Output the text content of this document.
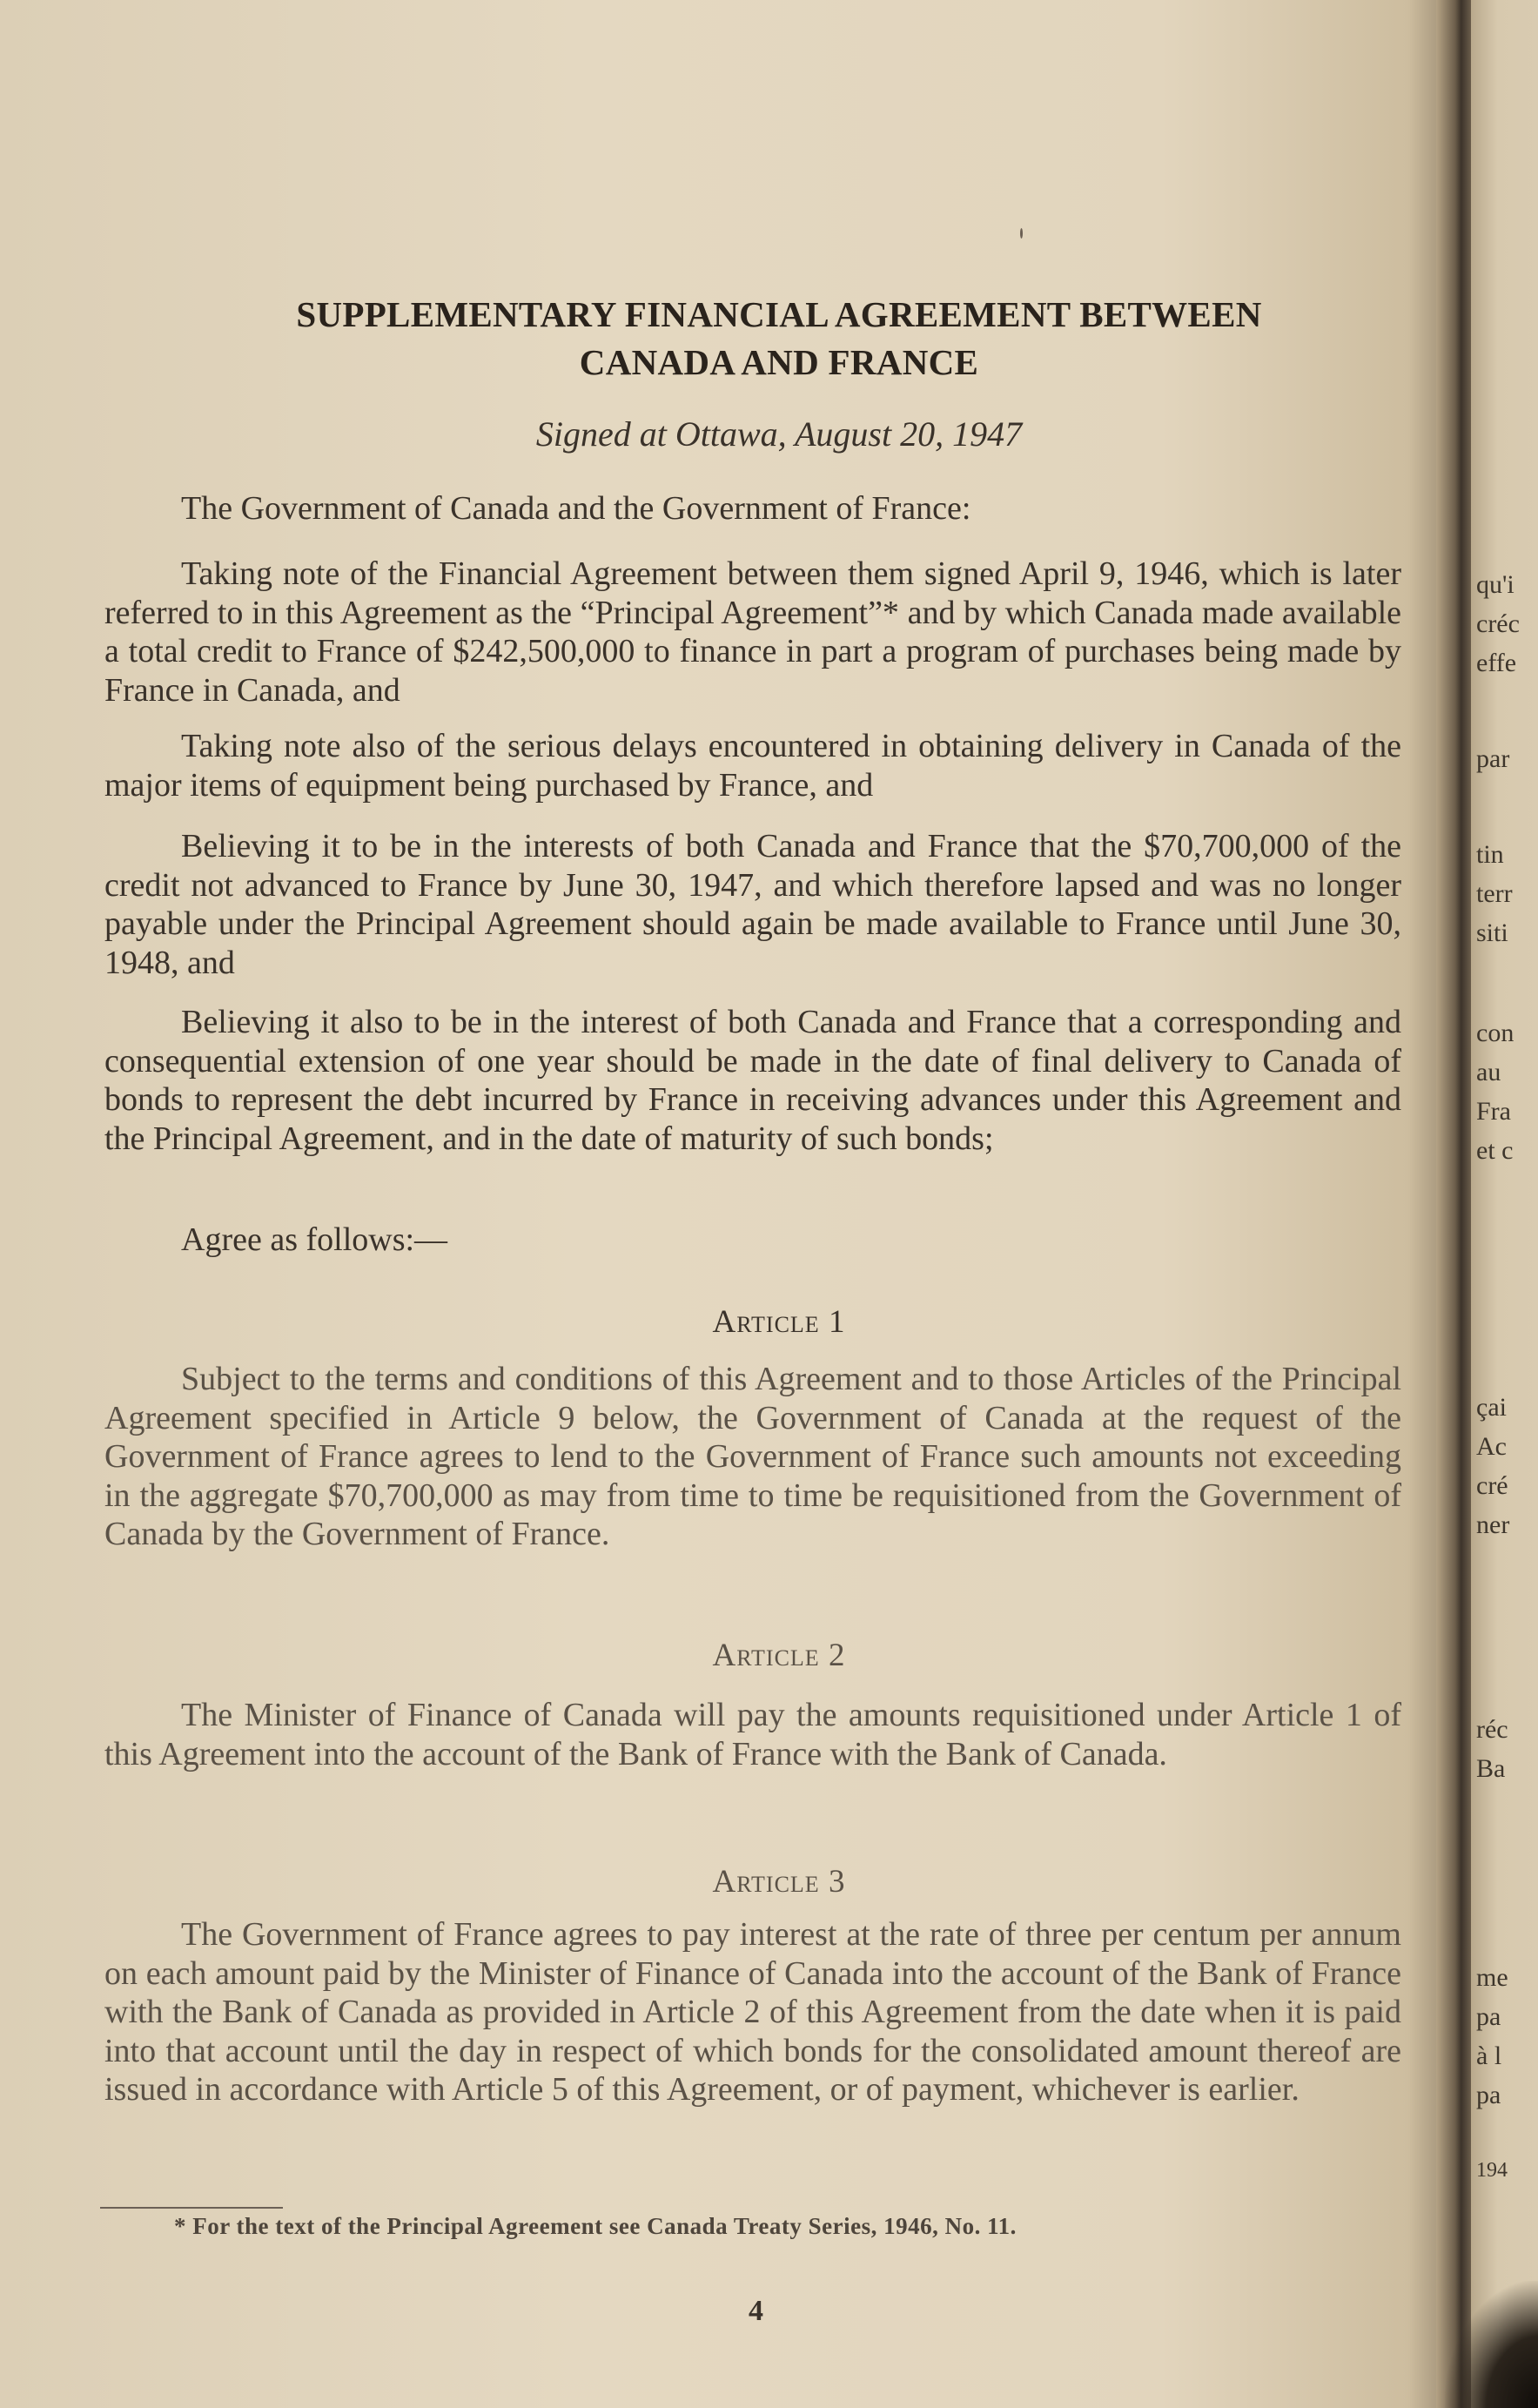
qu'i
créc
effe
par
tin
terr
siti
con
au
Fra
et c
çai
Ac
cré
ner
réc
Ba
me
pa
à l
pa
194
SUPPLEMENTARY FINANCIAL AGREEMENT BETWEEN
CANADA AND FRANCE
Signed at Ottawa, August 20, 1947
The Government of Canada and the Government of France:
Taking note of the Financial Agreement between them signed April 9, 1946, which is later referred to in this Agreement as the “Principal Agreement”* and by which Canada made available a total credit to France of $242,500,000 to finance in part a program of purchases being made by France in Canada, and
Taking note also of the serious delays encountered in obtaining delivery in Canada of the major items of equipment being purchased by France, and
Believing it to be in the interests of both Canada and France that the $70,700,000 of the credit not advanced to France by June 30, 1947, and which therefore lapsed and was no longer payable under the Principal Agreement should again be made available to France until June 30, 1948, and
Believing it also to be in the interest of both Canada and France that a corresponding and consequential extension of one year should be made in the date of final delivery to Canada of bonds to represent the debt incurred by France in receiving advances under this Agreement and the Principal Agreement, and in the date of maturity of such bonds;
Agree as follows:—
Article 1
Subject to the terms and conditions of this Agreement and to those Articles of the Principal Agreement specified in Article 9 below, the Government of Canada at the request of the Government of France agrees to lend to the Government of France such amounts not exceeding in the aggregate $70,700,000 as may from time to time be requisitioned from the Government of Canada by the Government of France.
Article 2
The Minister of Finance of Canada will pay the amounts requisitioned under Article 1 of this Agreement into the account of the Bank of France with the Bank of Canada.
Article 3
The Government of France agrees to pay interest at the rate of three per centum per annum on each amount paid by the Minister of Finance of Canada into the account of the Bank of France with the Bank of Canada as provided in Article 2 of this Agreement from the date when it is paid into that account until the day in respect of which bonds for the consolidated amount thereof are issued in accordance with Article 5 of this Agreement, or of payment, whichever is earlier.
* For the text of the Principal Agreement see Canada Treaty Series, 1946, No. 11.
4
